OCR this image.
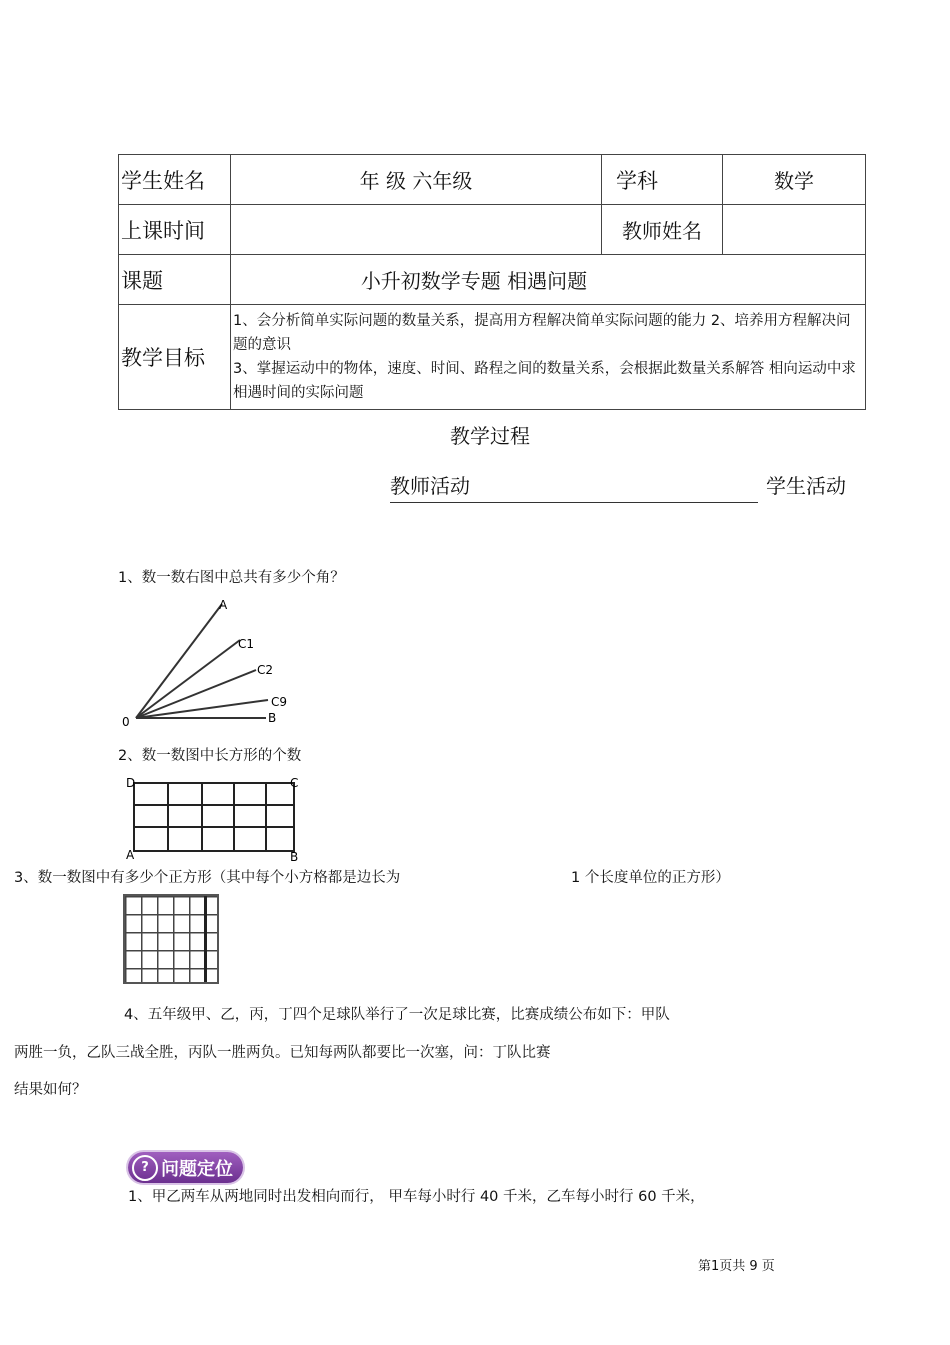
学生姓名	年 级 六年级	学科	数学
上课时间		教师姓名	
课题	小升初数学专题 相遇问题		
教学目标	1、会分析简单实际问题的数量关系，提高用方程解决简单实际问题的能力 2、培养用方程解决问题的意识
3、掌握运动中的物体，速度、时间、路程之间的数量关系，会根据此数量关系解答 相向运动中求相遇时间的实际问题		
教学过程
教师活动	学生活动
1、数一数右图中总共有多少个角？
A
C1
C2
C9
B
0
2、数一数图中长方形的个数
D	C
A	B
3、数一数图中有多少个正方形（其中每个小方格都是边长为	1 个长度单位的正方形）
4、五年级甲、乙，丙，丁四个足球队举行了一次足球比赛，比赛成绩公布如下：甲队
两胜一负，乙队三战全胜，丙队一胜两负。已知每两队都要比一次塞，问：丁队比赛
结果如何？
? 问题定位
1、甲乙两车从两地同时出发相向而行， 甲车每小时行 40 千米，乙车每小时行 60 千米，
第1页共 9 页
